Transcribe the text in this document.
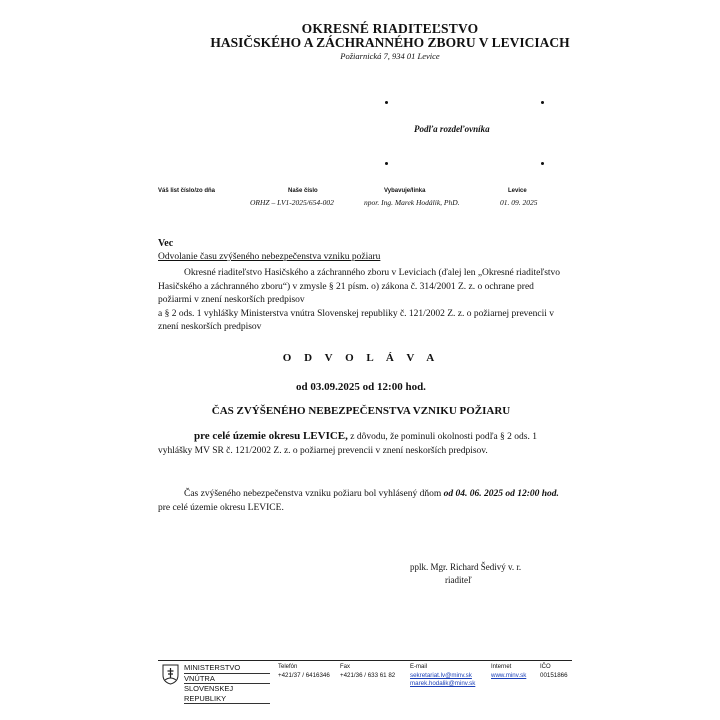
OKRESNÉ RIADITEĽSTVO
HASIČSKÉHO A ZÁCHRANNÉHO ZBORU V LEVICIACH
Požiarnická 7, 934 01 Levice
Podľa rozdeľovníka
Váš list číslo/zo dňa	Naše číslo
ORHZ – LV1-2025/654-002
Vybavuje/linka
npor. Ing. Marek Hodálik, PhD.
Levice
01. 09. 2025
Vec
Odvolanie času zvýšeného nebezpečenstva vzniku požiaru

Okresné riaditeľstvo Hasičského a záchranného zboru v Leviciach (ďalej len „Okresné riaditeľstvo Hasičského a záchranného zboru“) v zmysle § 21 písm. o) zákona č. 314/2001 Z. z. o ochrane pred požiarmi v znení neskorších predpisov

a § 2 ods. 1 vyhlášky Ministerstva vnútra Slovenskej republiky č. 121/2002 Z. z. o požiarnej prevencii v znení neskorších predpisov

O D V O L Á V A
od 03.09.2025 od 12:00 hod.
ČAS ZVÝŠENÉHO NEBEZPEČENSTVA VZNIKU POŽIARU

pre celé územie okresu LEVICE, z dôvodu, že pominuli okolnosti podľa § 2 ods. 1 vyhlášky MV SR č. 121/2002 Z. z. o požiarnej prevencii v znení neskorších predpisov.

Čas zvýšeného nebezpečenstva vzniku požiaru bol vyhlásený dňom od 04. 06. 2025 od 12:00 hod. pre celé územie okresu LEVICE.

pplk. Mgr. Richard Šedivý v. r.
riaditeľ
MINISTERSTVO
VNÚTRA
SLOVENSKEJ REPUBLIKY
Telefón
+421/37 / 6416346
Fax
+421/36 / 633 61 82
E-mail
sekretariat.lv@minv.sk
marek.hodalik@minv.sk
Internet
www.minv.sk
IČO
00151866
